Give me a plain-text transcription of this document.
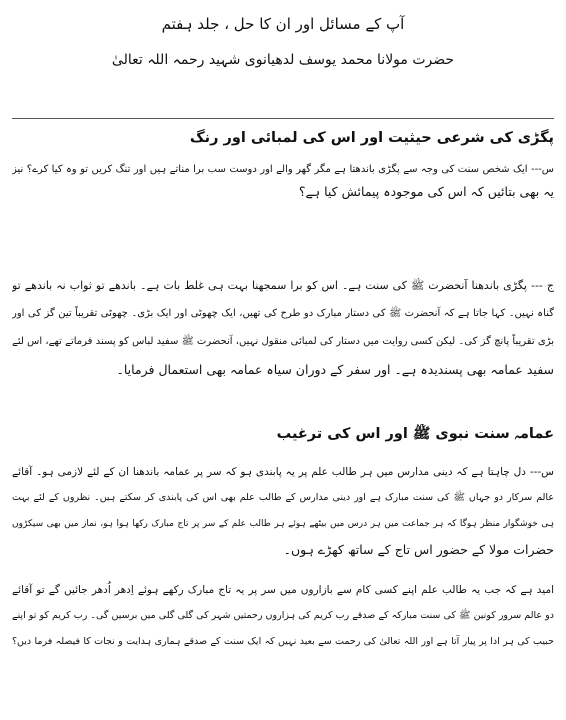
آپ کے مسائل اور ان کا حل ، جلد ہفتم
حضرت مولانا محمد یوسف لدھیانوی شہید رحمہ اللہ تعالیٰ
پگڑی کی شرعی حیثیت اور اس کی لمبائی اور رنگ
س--- ایک شخص سنت کی وجہ سے پگڑی باندھتا ہے مگر گھر والے اور دوست سب برا مناتے ہیں اور تنگ کریں تو وہ کیا کرے؟ نیز
یہ بھی بتائیں کہ اس کی موجودہ پیمائش کیا ہے؟
ج --- پگڑی باندھنا آنحضرت ﷺ کی سنت ہے۔ اس کو برا سمجھنا بہت ہی غلط بات ہے۔ باندھے تو ثواب نہ باندھے تو
گناہ نہیں۔ کہا جاتا ہے کہ آنحضرت ﷺ کی دستار مبارک دو طرح کی تھیں، ایک چھوٹی اور ایک بڑی۔ چھوٹی تقریباً تین گز کی اور
بڑی تقریباً پانچ گز کی۔ لیکن کسی روایت میں دستار کی لمبائی منقول نہیں، آنحضرت ﷺ سفید لباس کو پسند فرماتے تھے، اس لئے
سفید عمامہ بھی پسندیدہ ہے۔ اور سفر کے دوران سیاہ عمامہ بھی استعمال فرمایا۔
عمامہ سنت نبوی ﷺ اور اس کی ترغیب
س--- دل چاہتا ہے کہ دینی مدارس میں ہر طالب علم پر یہ پابندی ہو کہ سر پر عمامہ باندھنا ان کے لئے لازمی ہو۔ آقائے
عالم سرکار دو جہاں ﷺ کی سنت مبارک ہے اور دینی مدارس کے طالب علم بھی اس کی پابندی کر سکتے ہیں۔ نظروں کے لئے بہت
ہی خوشگوار منظر ہوگا کہ ہر جماعت میں ہر درس میں بیٹھے ہوئے ہر طالب علم کے سر پر تاج مبارک رکھا ہوا ہو، نماز میں بھی سیکڑوں
حضرات مولا کے حضور اس تاج کے ساتھ کھڑے ہوں۔
امید ہے کہ جب یہ طالب علم اپنے کسی کام سے بازاروں میں سر پر یہ تاج مبارک رکھے ہوئے اِدھر اُدھر جائیں گے تو آقائے
دو عالم سرور کونین ﷺ کی سنت مبارکہ کے صدقے رب کریم کی ہزاروں رحمتیں شہر کی گلی گلی میں برسیں گی۔ رب کریم کو تو اپنے
حبیب کی ہر ادا پر پیار آتا ہے اور اللہ تعالیٰ کی رحمت سے بعید نہیں کہ ایک سنت کے صدقے ہماری ہدایت و نجات کا فیصلہ فرما دیں؟
